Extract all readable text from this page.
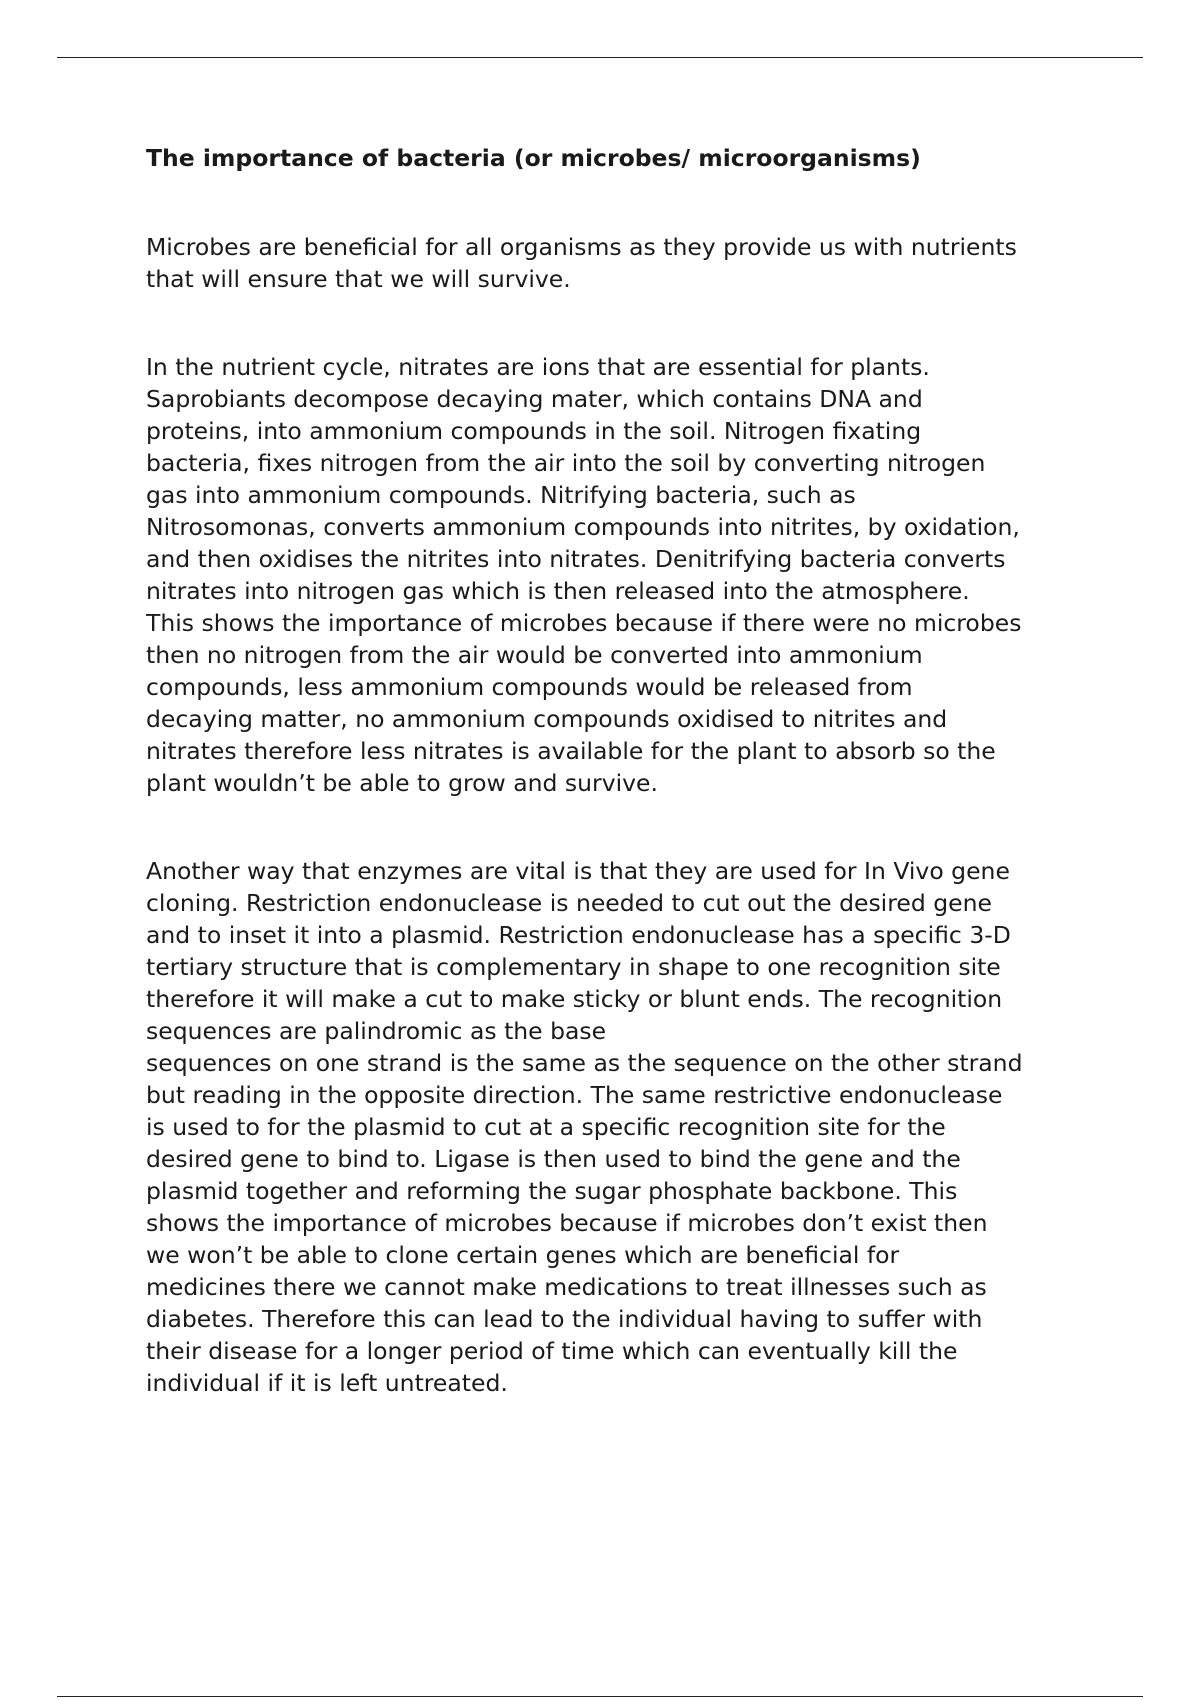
The importance of bacteria (or microbes/ microorganisms)

Microbes are beneficial for all organisms as they provide us with nutrients
that will ensure that we will survive.

In the nutrient cycle, nitrates are ions that are essential for plants.
Saprobiants decompose decaying mater, which contains DNA and
proteins, into ammonium compounds in the soil. Nitrogen fixating
bacteria, fixes nitrogen from the air into the soil by converting nitrogen
gas into ammonium compounds. Nitrifying bacteria, such as
Nitrosomonas, converts ammonium compounds into nitrites, by oxidation,
and then oxidises the nitrites into nitrates. Denitrifying bacteria converts
nitrates into nitrogen gas which is then released into the atmosphere.
This shows the importance of microbes because if there were no microbes
then no nitrogen from the air would be converted into ammonium
compounds, less ammonium compounds would be released from
decaying matter, no ammonium compounds oxidised to nitrites and
nitrates therefore less nitrates is available for the plant to absorb so the
plant wouldn’t be able to grow and survive.

Another way that enzymes are vital is that they are used for In Vivo gene
cloning. Restriction endonuclease is needed to cut out the desired gene
and to inset it into a plasmid. Restriction endonuclease has a specific 3-D
tertiary structure that is complementary in shape to one recognition site
therefore it will make a cut to make sticky or blunt ends. The recognition
sequences are palindromic as the base
sequences on one strand is the same as the sequence on the other strand
but reading in the opposite direction. The same restrictive endonuclease
is used to for the plasmid to cut at a specific recognition site for the
desired gene to bind to. Ligase is then used to bind the gene and the
plasmid together and reforming the sugar phosphate backbone. This
shows the importance of microbes because if microbes don’t exist then
we won’t be able to clone certain genes which are beneficial for
medicines there we cannot make medications to treat illnesses such as
diabetes. Therefore this can lead to the individual having to suffer with
their disease for a longer period of time which can eventually kill the
individual if it is left untreated.
